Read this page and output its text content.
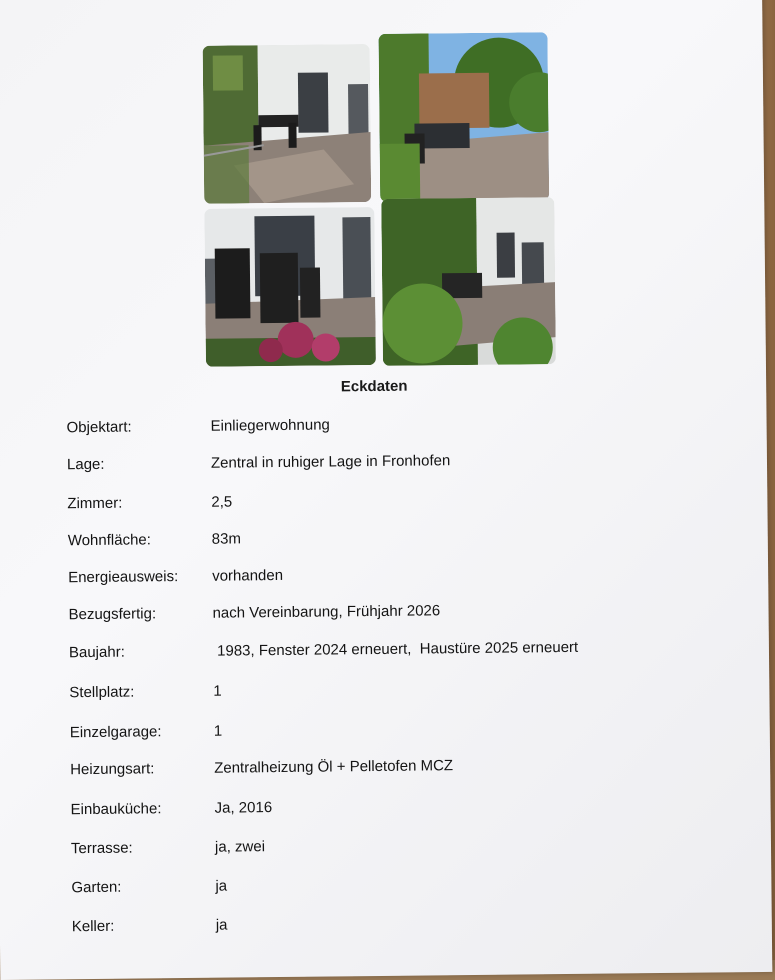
Eckdaten
Objektart:	Einliegerwohnung
Lage:	Zentral in ruhiger Lage in Fronhofen
Zimmer:	2,5
Wohnfläche:	83m
Energieausweis: vorhanden
Bezugsfertig:	nach Vereinbarung, Frühjahr 2026
Baujahr:	1983, Fenster 2024 erneuert,  Haustüre 2025 erneuert
Stellplatz:	1
Einzelgarage:	1
Heizungsart:	Zentralheizung Öl + Pelletofen MCZ
Einbauküche:	Ja, 2016
Terrasse:	ja, zwei
Garten:	ja
Keller:	ja
